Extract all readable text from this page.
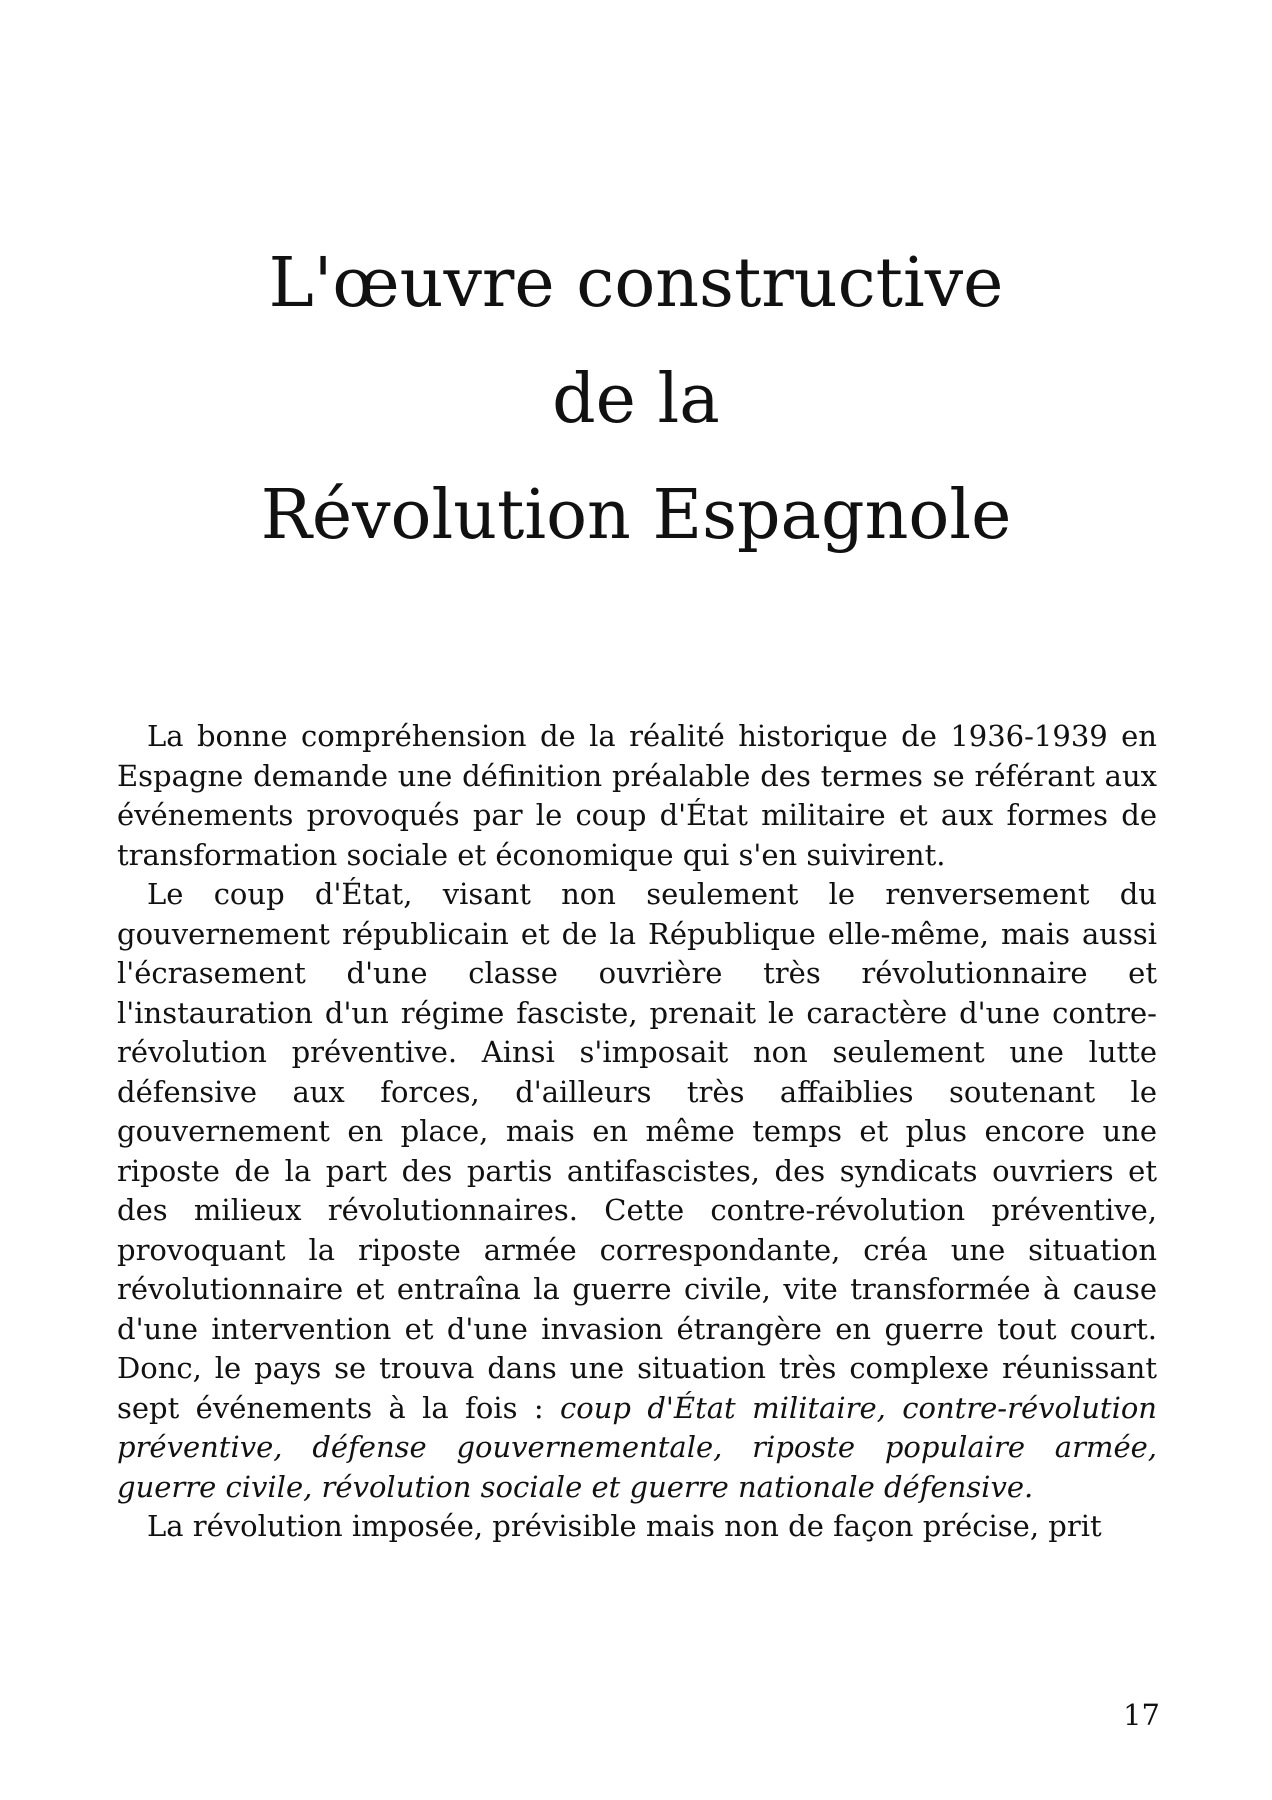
L'œuvre constructive
de la
Révolution Espagnole

La bonne compréhension de la réalité historique de 1936-1939 en Espagne demande une définition préalable des termes se référant aux événements provoqués par le coup d'État militaire et aux formes de transformation sociale et économique qui s'en suivirent.

Le coup d'État, visant non seulement le renversement du gouvernement républicain et de la République elle-même, mais aussi l'écrasement d'une classe ouvrière très révolutionnaire et l'instauration d'un régime fasciste, prenait le caractère d'une contre-révolution préventive. Ainsi s'imposait non seulement une lutte défensive aux forces, d'ailleurs très affaiblies soutenant le gouvernement en place, mais en même temps et plus encore une riposte de la part des partis antifascistes, des syndicats ouvriers et des milieux révolutionnaires. Cette contre-révolution préventive, provoquant la riposte armée correspondante, créa une situation révolutionnaire et entraîna la guerre civile, vite transformée à cause d'une intervention et d'une invasion étrangère en guerre tout court. Donc, le pays se trouva dans une situation très complexe réunissant sept événements à la fois : coup d'État militaire, contre-révolution préventive, défense gouvernementale, riposte populaire armée, guerre civile, révolution sociale et guerre nationale défensive.

La révolution imposée, prévisible mais non de façon précise, prit

17
